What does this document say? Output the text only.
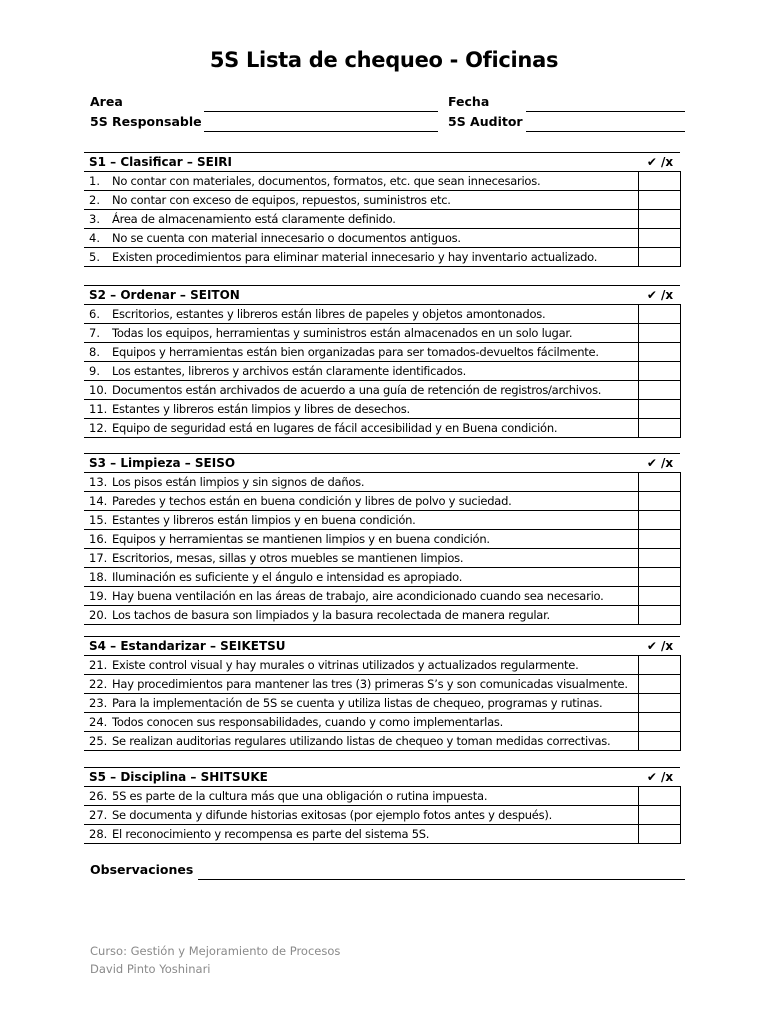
5S Lista de chequeo - Oficinas
Area	Fecha
5S Responsable	5S Auditor
Observaciones
Curso: Gestión y Mejoramiento de Procesos
David Pinto Yoshinari
S1 – Clasificar – SEIRI	✔ /x
1. No contar con materiales, documentos, formatos, etc. que sean innecesarios.
2. No contar con exceso de equipos, repuestos, suministros etc.
3. Área de almacenamiento está claramente definido.
4. No se cuenta con material innecesario o documentos antiguos.
5. Existen procedimientos para eliminar material innecesario y hay inventario actualizado.
S2 – Ordenar – SEITON	✔ /x
6. Escritorios, estantes y libreros están libres de papeles y objetos amontonados.
7. Todas los equipos, herramientas y suministros están almacenados en un solo lugar.
8. Equipos y herramientas están bien organizadas para ser tomados-devueltos fácilmente.
9. Los estantes, libreros y archivos están claramente identificados.
10. Documentos están archivados de acuerdo a una guía de retención de registros/archivos.
11. Estantes y libreros están limpios y libres de desechos.
12. Equipo de seguridad está en lugares de fácil accesibilidad y en Buena condición.
S3 – Limpieza – SEISO	✔ /x
13. Los pisos están limpios y sin signos de daños.
14. Paredes y techos están en buena condición y libres de polvo y suciedad.
15. Estantes y libreros están limpios y en buena condición.
16. Equipos y herramientas se mantienen limpios y en buena condición.
17. Escritorios, mesas, sillas y otros muebles se mantienen limpios.
18. Iluminación es suficiente y el ángulo e intensidad es apropiado.
19. Hay buena ventilación en las áreas de trabajo, aire acondicionado cuando sea necesario.
20. Los tachos de basura son limpiados y la basura recolectada de manera regular.
S4 – Estandarizar – SEIKETSU	✔ /x
21. Existe control visual y hay murales o vitrinas utilizados y actualizados regularmente.
22. Hay procedimientos para mantener las tres (3) primeras S’s y son comunicadas visualmente.
23. Para la implementación de 5S se cuenta y utiliza listas de chequeo, programas y rutinas.
24. Todos conocen sus responsabilidades, cuando y como implementarlas.
25. Se realizan auditorias regulares utilizando listas de chequeo y toman medidas correctivas.
S5 – Disciplina – SHITSUKE	✔ /x
26. 5S es parte de la cultura más que una obligación o rutina impuesta.
27. Se documenta y difunde historias exitosas (por ejemplo fotos antes y después).
28. El reconocimiento y recompensa es parte del sistema 5S.
